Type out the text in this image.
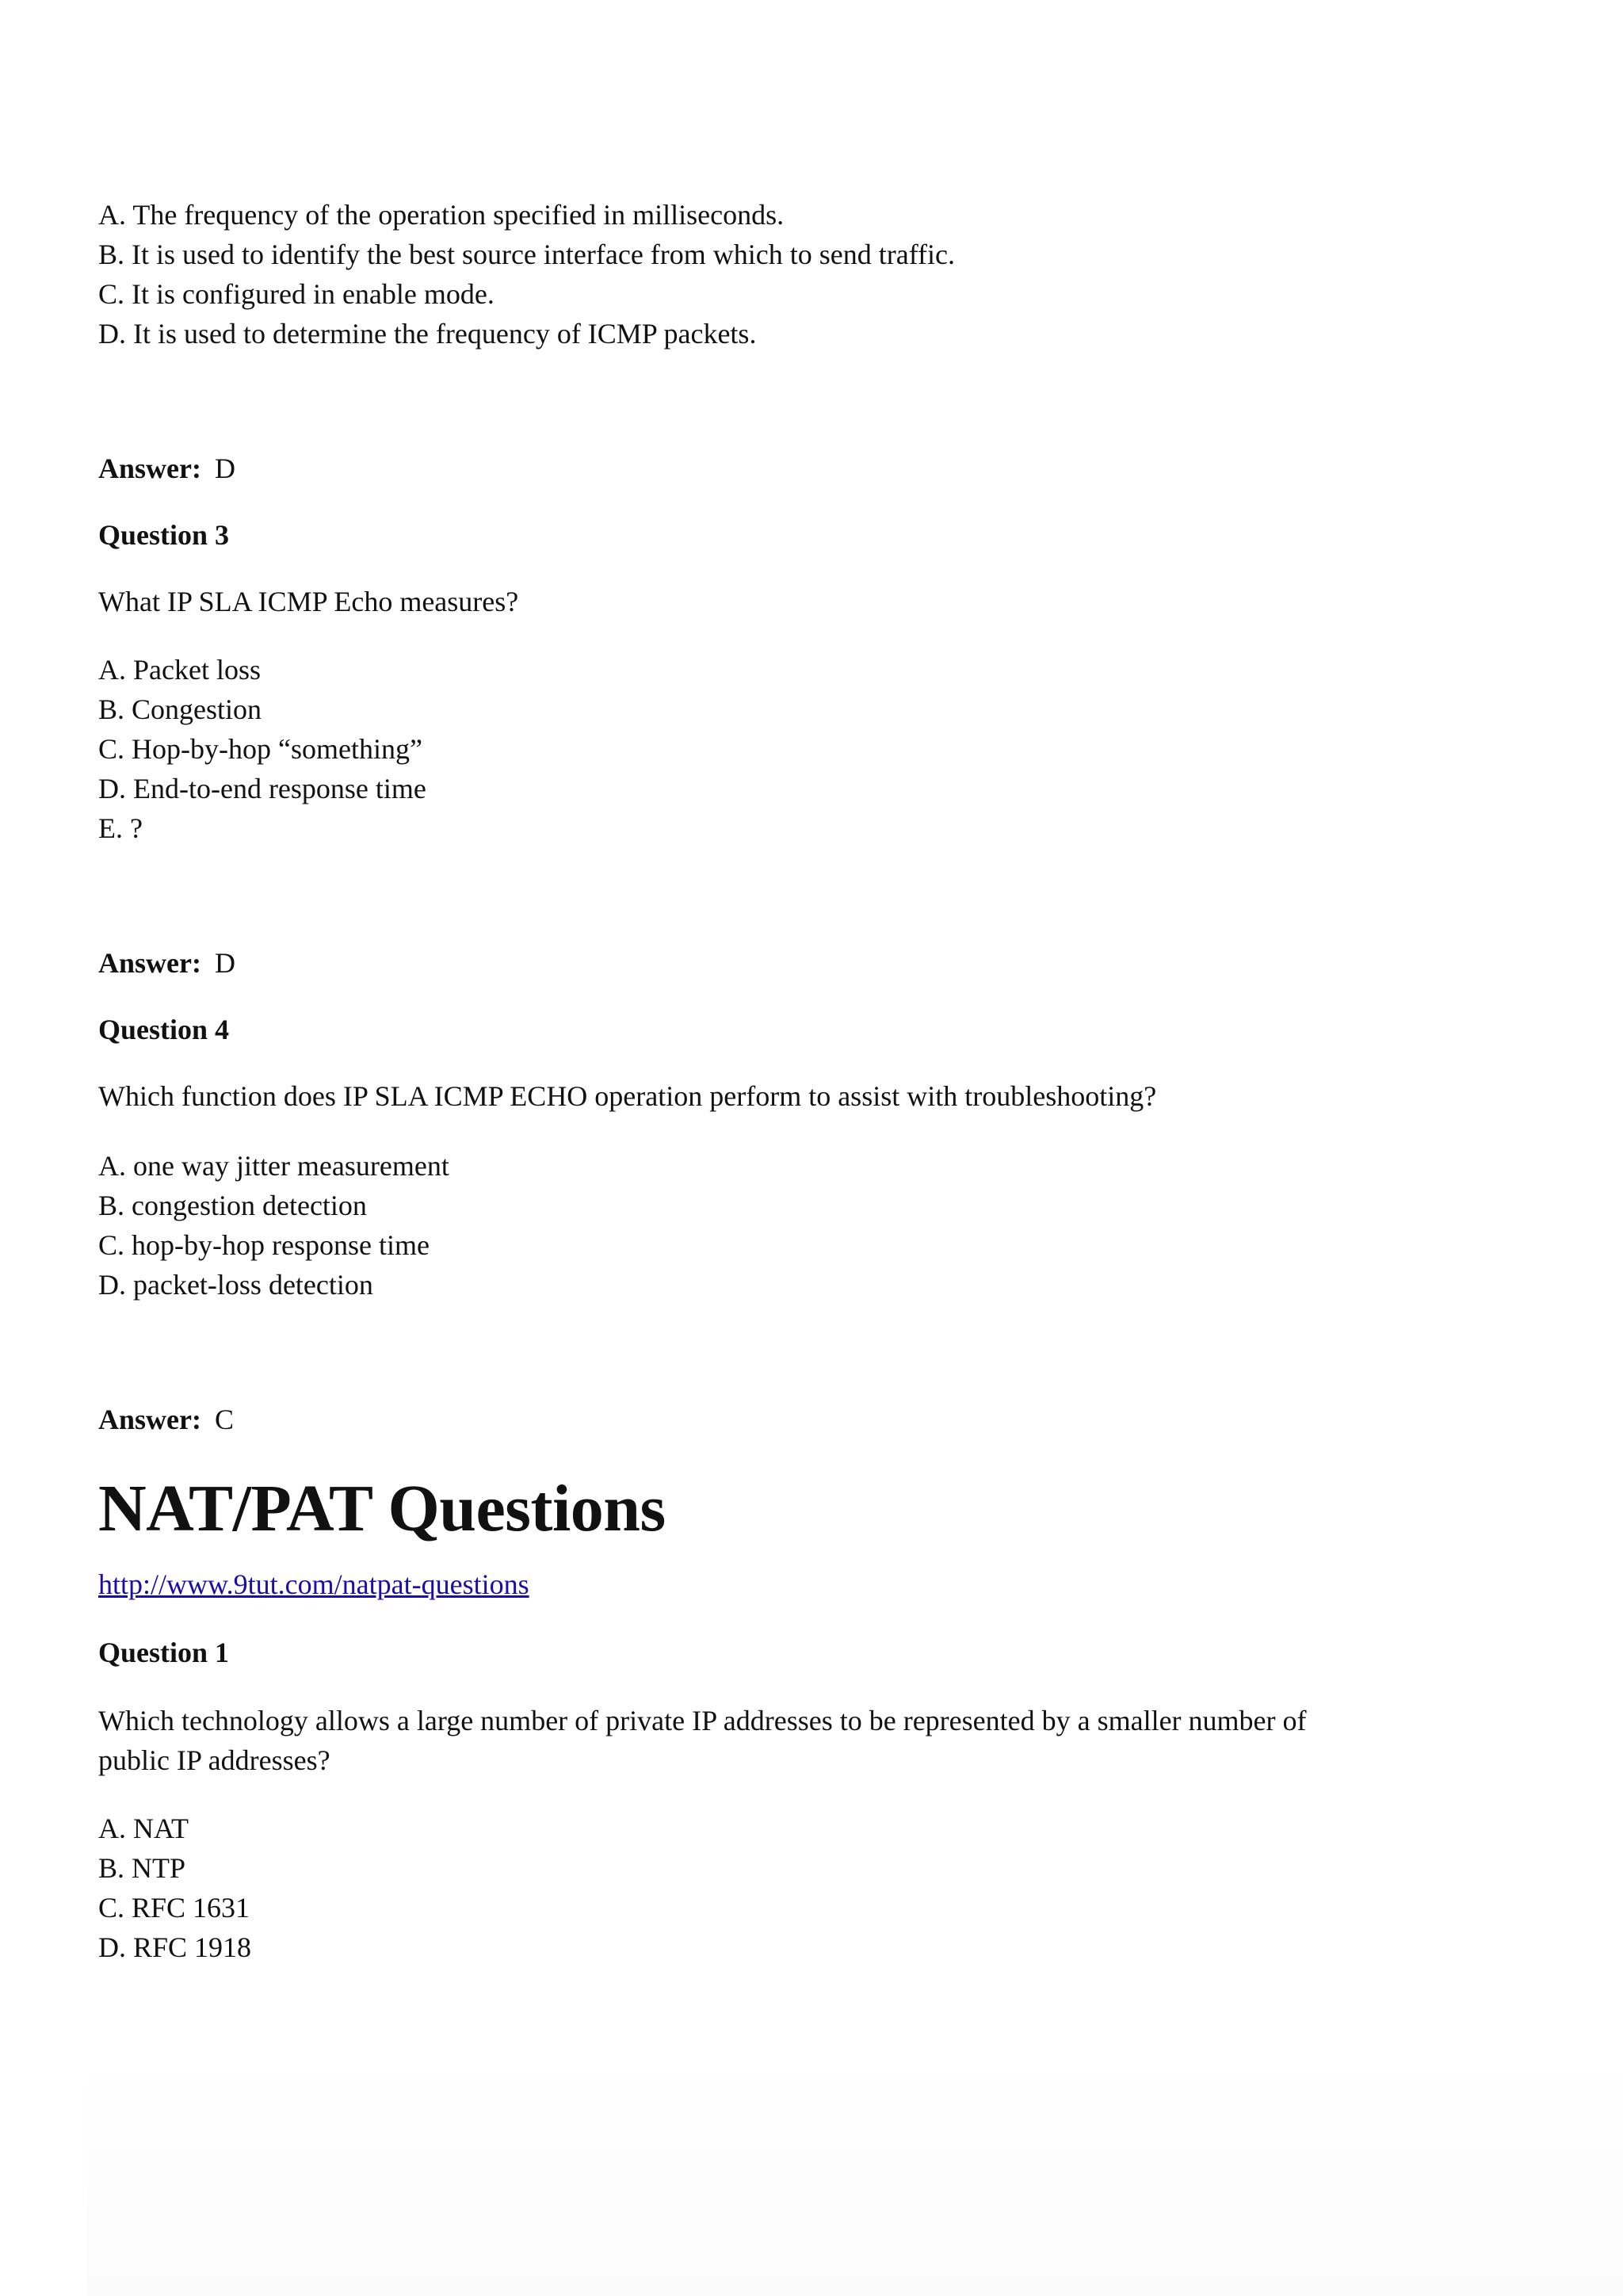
A. The frequency of the operation specified in milliseconds.

B. It is used to identify the best source interface from which to send traffic.

C. It is configured in enable mode.

D. It is used to determine the frequency of ICMP packets.

Answer: D

Question 3

What IP SLA ICMP Echo measures?

A. Packet loss

B. Congestion

C. Hop-by-hop “something”

D. End-to-end response time

E. ?

Answer: D

Question 4

Which function does IP SLA ICMP ECHO operation perform to assist with troubleshooting?

A. one way jitter measurement

B. congestion detection

C. hop-by-hop response time

D. packet-loss detection

Answer: C

NAT/PAT Questions
http://www.9tut.com/natpat-questions

Question 1

Which technology allows a large number of private IP addresses to be represented by a smaller number of

public IP addresses?

A. NAT

B. NTP

C. RFC 1631

D. RFC 1918
